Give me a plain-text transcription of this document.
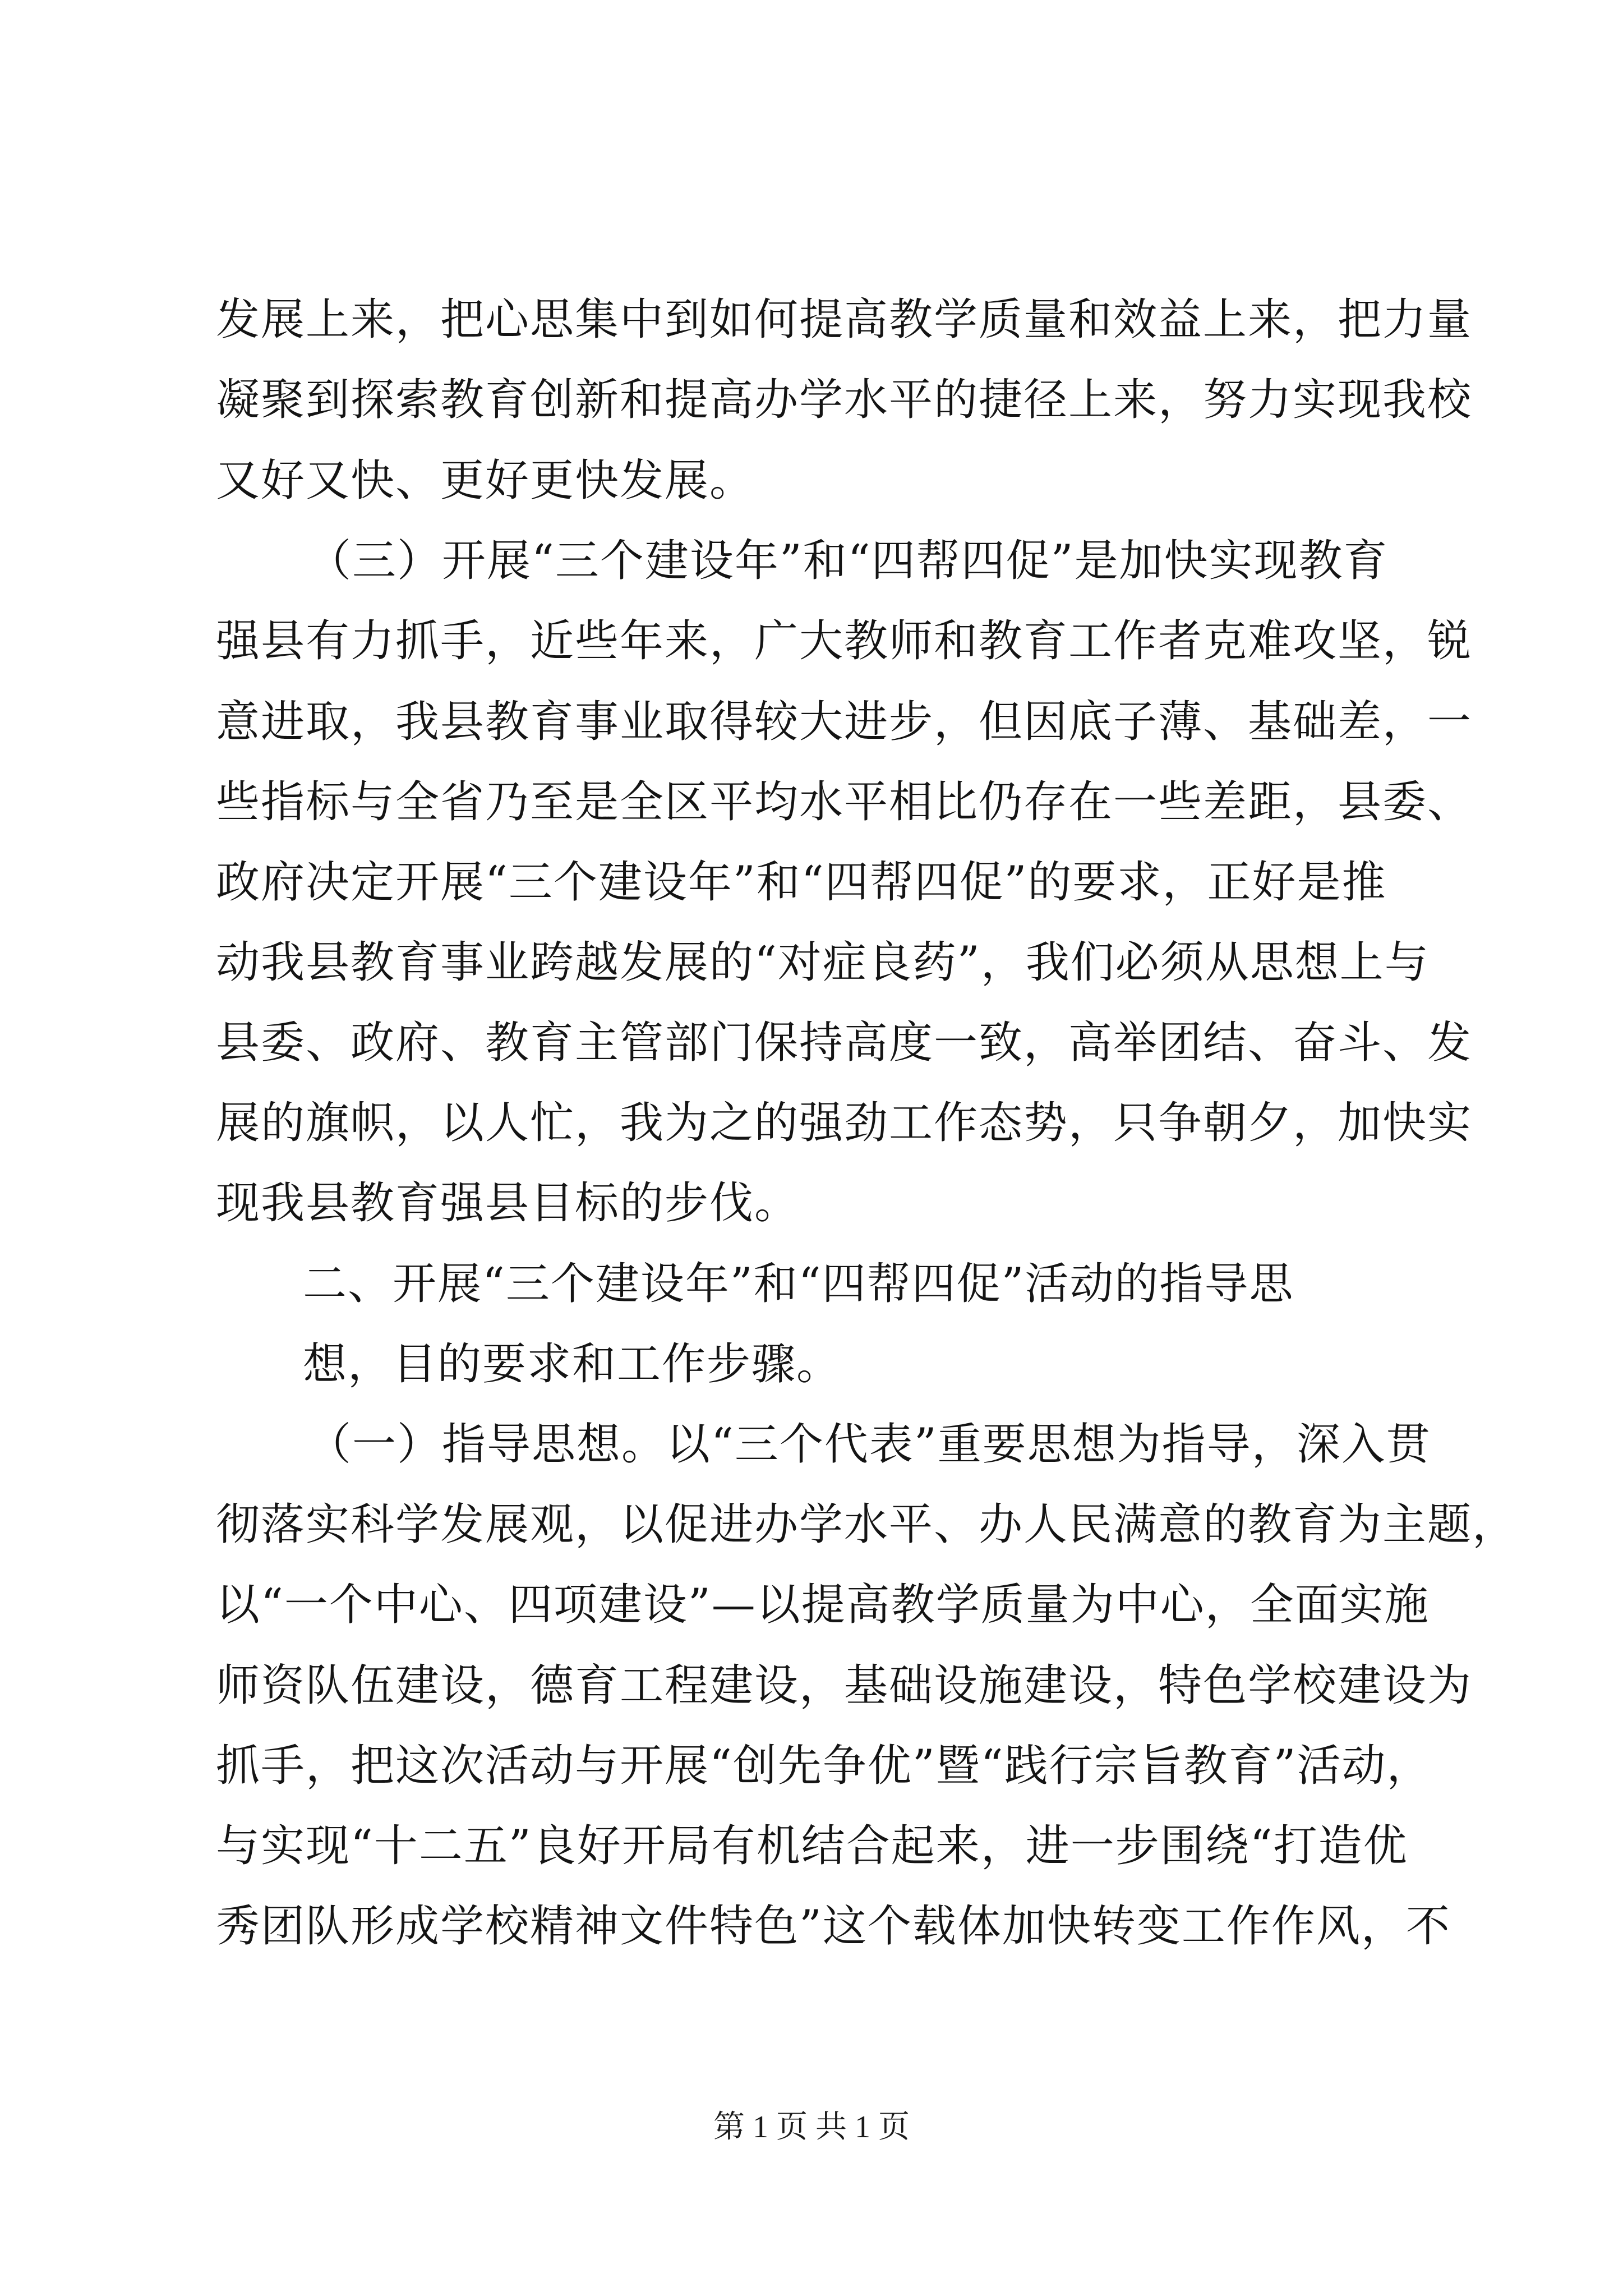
发展上来，把心思集中到如何提高教学质量和效益上来，把力量
凝聚到探索教育创新和提高办学水平的捷径上来，努力实现我校
又好又快、更好更快发展。
（三）开展“三个建设年”和“四帮四促”是加快实现教育
强县有力抓手，近些年来，广大教师和教育工作者克难攻坚，锐
意进取，我县教育事业取得较大进步，但因底子薄、基础差，一
些指标与全省乃至是全区平均水平相比仍存在一些差距，县委、
政府决定开展“三个建设年”和“四帮四促”的要求，正好是推
动我县教育事业跨越发展的“对症良药”，我们必须从思想上与
县委、政府、教育主管部门保持高度一致，高举团结、奋斗、发
展的旗帜，以人忙，我为之的强劲工作态势，只争朝夕，加快实
现我县教育强县目标的步伐。
二、开展“三个建设年”和“四帮四促”活动的指导思
想，目的要求和工作步骤。
（一）指导思想。以“三个代表”重要思想为指导，深入贯
彻落实科学发展观，以促进办学水平、办人民满意的教育为主题，
以“一个中心、四项建设”—以提高教学质量为中心，全面实施
师资队伍建设，德育工程建设，基础设施建设，特色学校建设为
抓手，把这次活动与开展“创先争优”暨“践行宗旨教育”活动，
与实现“十二五”良好开局有机结合起来，进一步围绕“打造优
秀团队形成学校精神文件特色”这个载体加快转变工作作风，不
第 1 页 共 1 页
